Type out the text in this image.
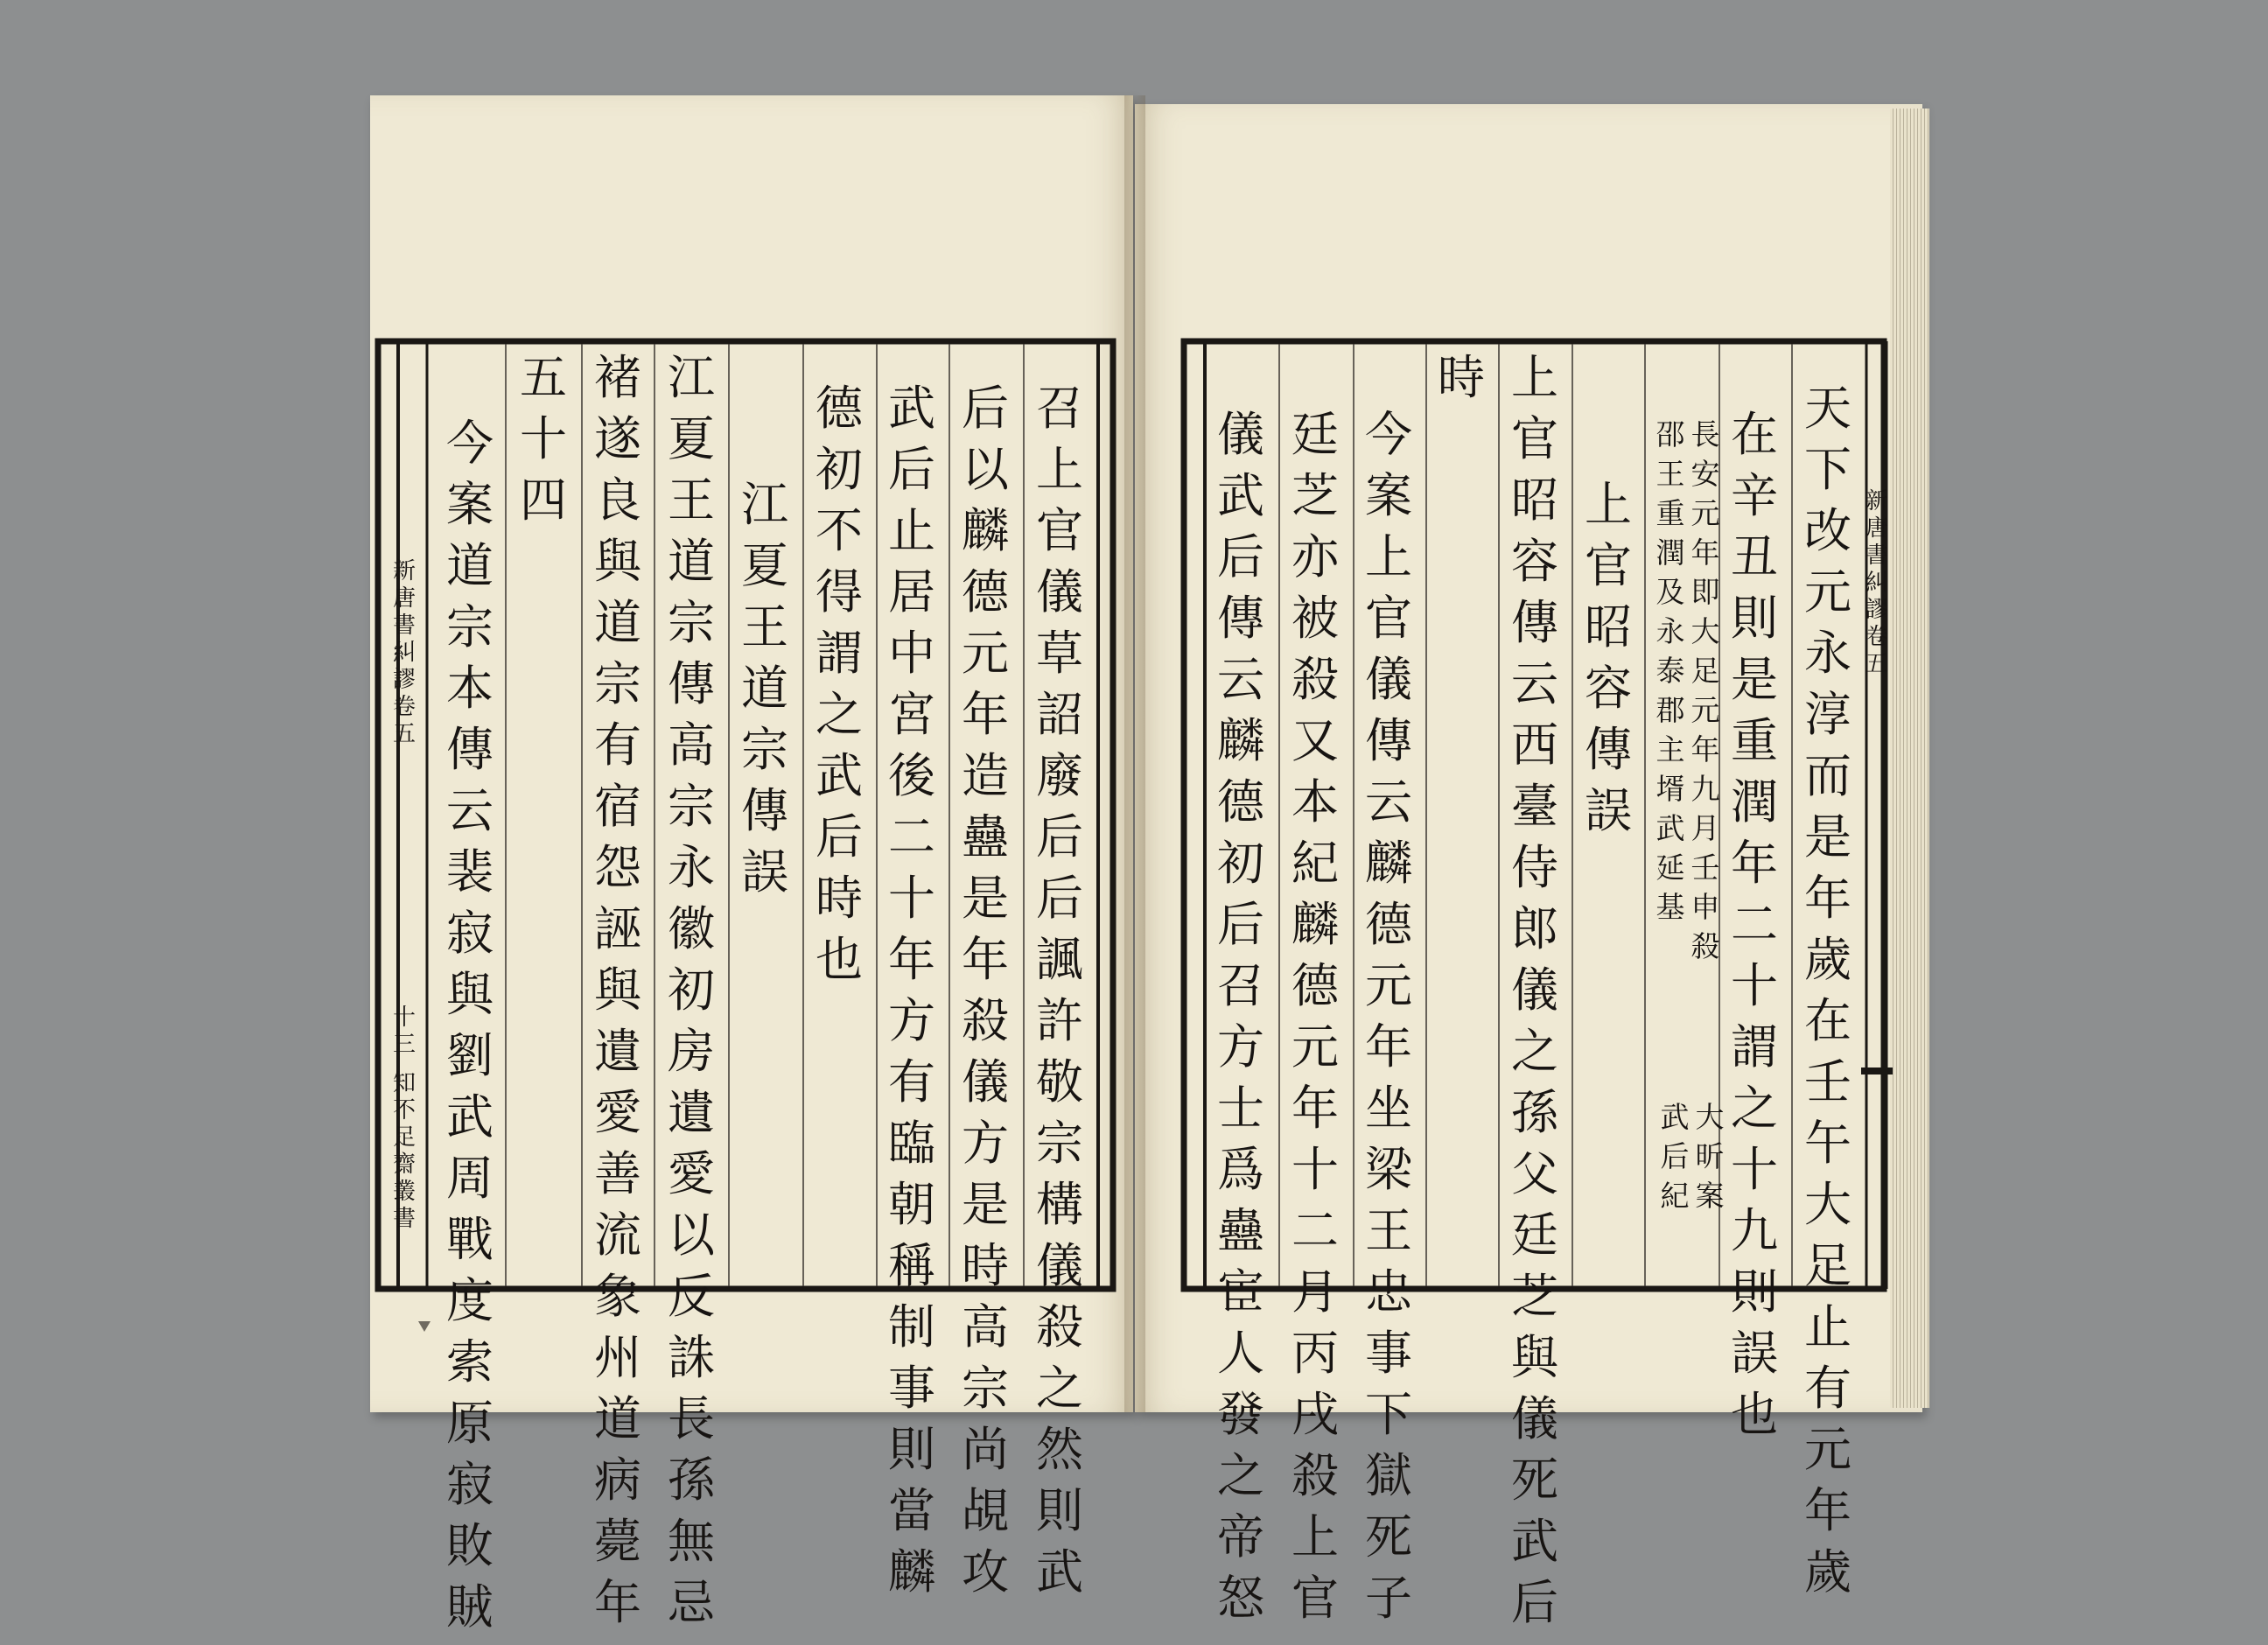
召
上
官
儀
草
詔
廢
后
后
諷
許
敬
宗
構
儀
殺
之
然
則
武
后
以
麟
德
元
年
造
蠱
是
年
殺
儀
方
是
時
高
宗
尚
覘
攻
武
后
止
居
中
宮
後
二
十
年
方
有
臨
朝
稱
制
事
則
當
麟
德
初
不
得
謂
之
武
后
時
也
江
夏
王
道
宗
傳
誤
江
夏
王
道
宗
傳
高
宗
永
徽
初
房
遺
愛
以
反
誅
長
孫
無
忌
褚
遂
良
與
道
宗
有
宿
怨
誣
與
遺
愛
善
流
象
州
道
病
薨
年
五
十
四
今
案
道
宗
本
傳
云
裴
寂
與
劉
武
周
戰
度
索
原
寂
敗
賊
新
唐
書
糾
謬
卷
五
十
三
知
不
足
齋
叢
書
天
下
改
元
永
淳
而
是
年
歲
在
壬
午
大
足
止
有
元
年
歲
在
辛
丑
則
是
重
潤
年
二
十
謂
之
十
九
則
誤
也
大
昕
案
武
后
紀
長
安
元
年
即
大
足
元
年
九
月
壬
申
殺
邵
王
重
潤
及
永
泰
郡
主
壻
武
延
基
上
官
昭
容
傳
誤
上
官
昭
容
傳
云
西
臺
侍
郎
儀
之
孫
父
廷
芝
與
儀
死
武
后
時
今
案
上
官
儀
傳
云
麟
德
元
年
坐
梁
王
忠
事
下
獄
死
子
廷
芝
亦
被
殺
又
本
紀
麟
德
元
年
十
二
月
丙
戌
殺
上
官
儀
武
后
傳
云
麟
德
初
后
召
方
士
爲
蠱
宦
人
發
之
帝
怒
新
唐
書
糾
謬
卷
五
